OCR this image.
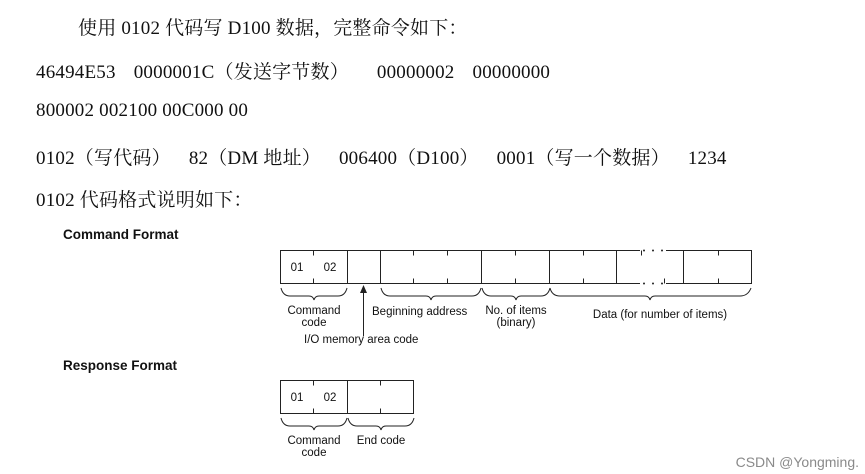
使用 0102 代码写 D100 数据，完整命令如下：

46494E53 0000001C（发送字节数） 00000002 00000000

800002 002100 00C000 00

0102（写代码） 82（DM 地址） 006400（D100） 0001（写一个数据） 1234

0102 代码格式说明如下：

Command Format

Response Format

01 02
Command
code
I/O memory area code
Beginning address No. of items
(binary)
Data (for number of items)
01 02
Command
code
End code
CSDN @Yongming.
